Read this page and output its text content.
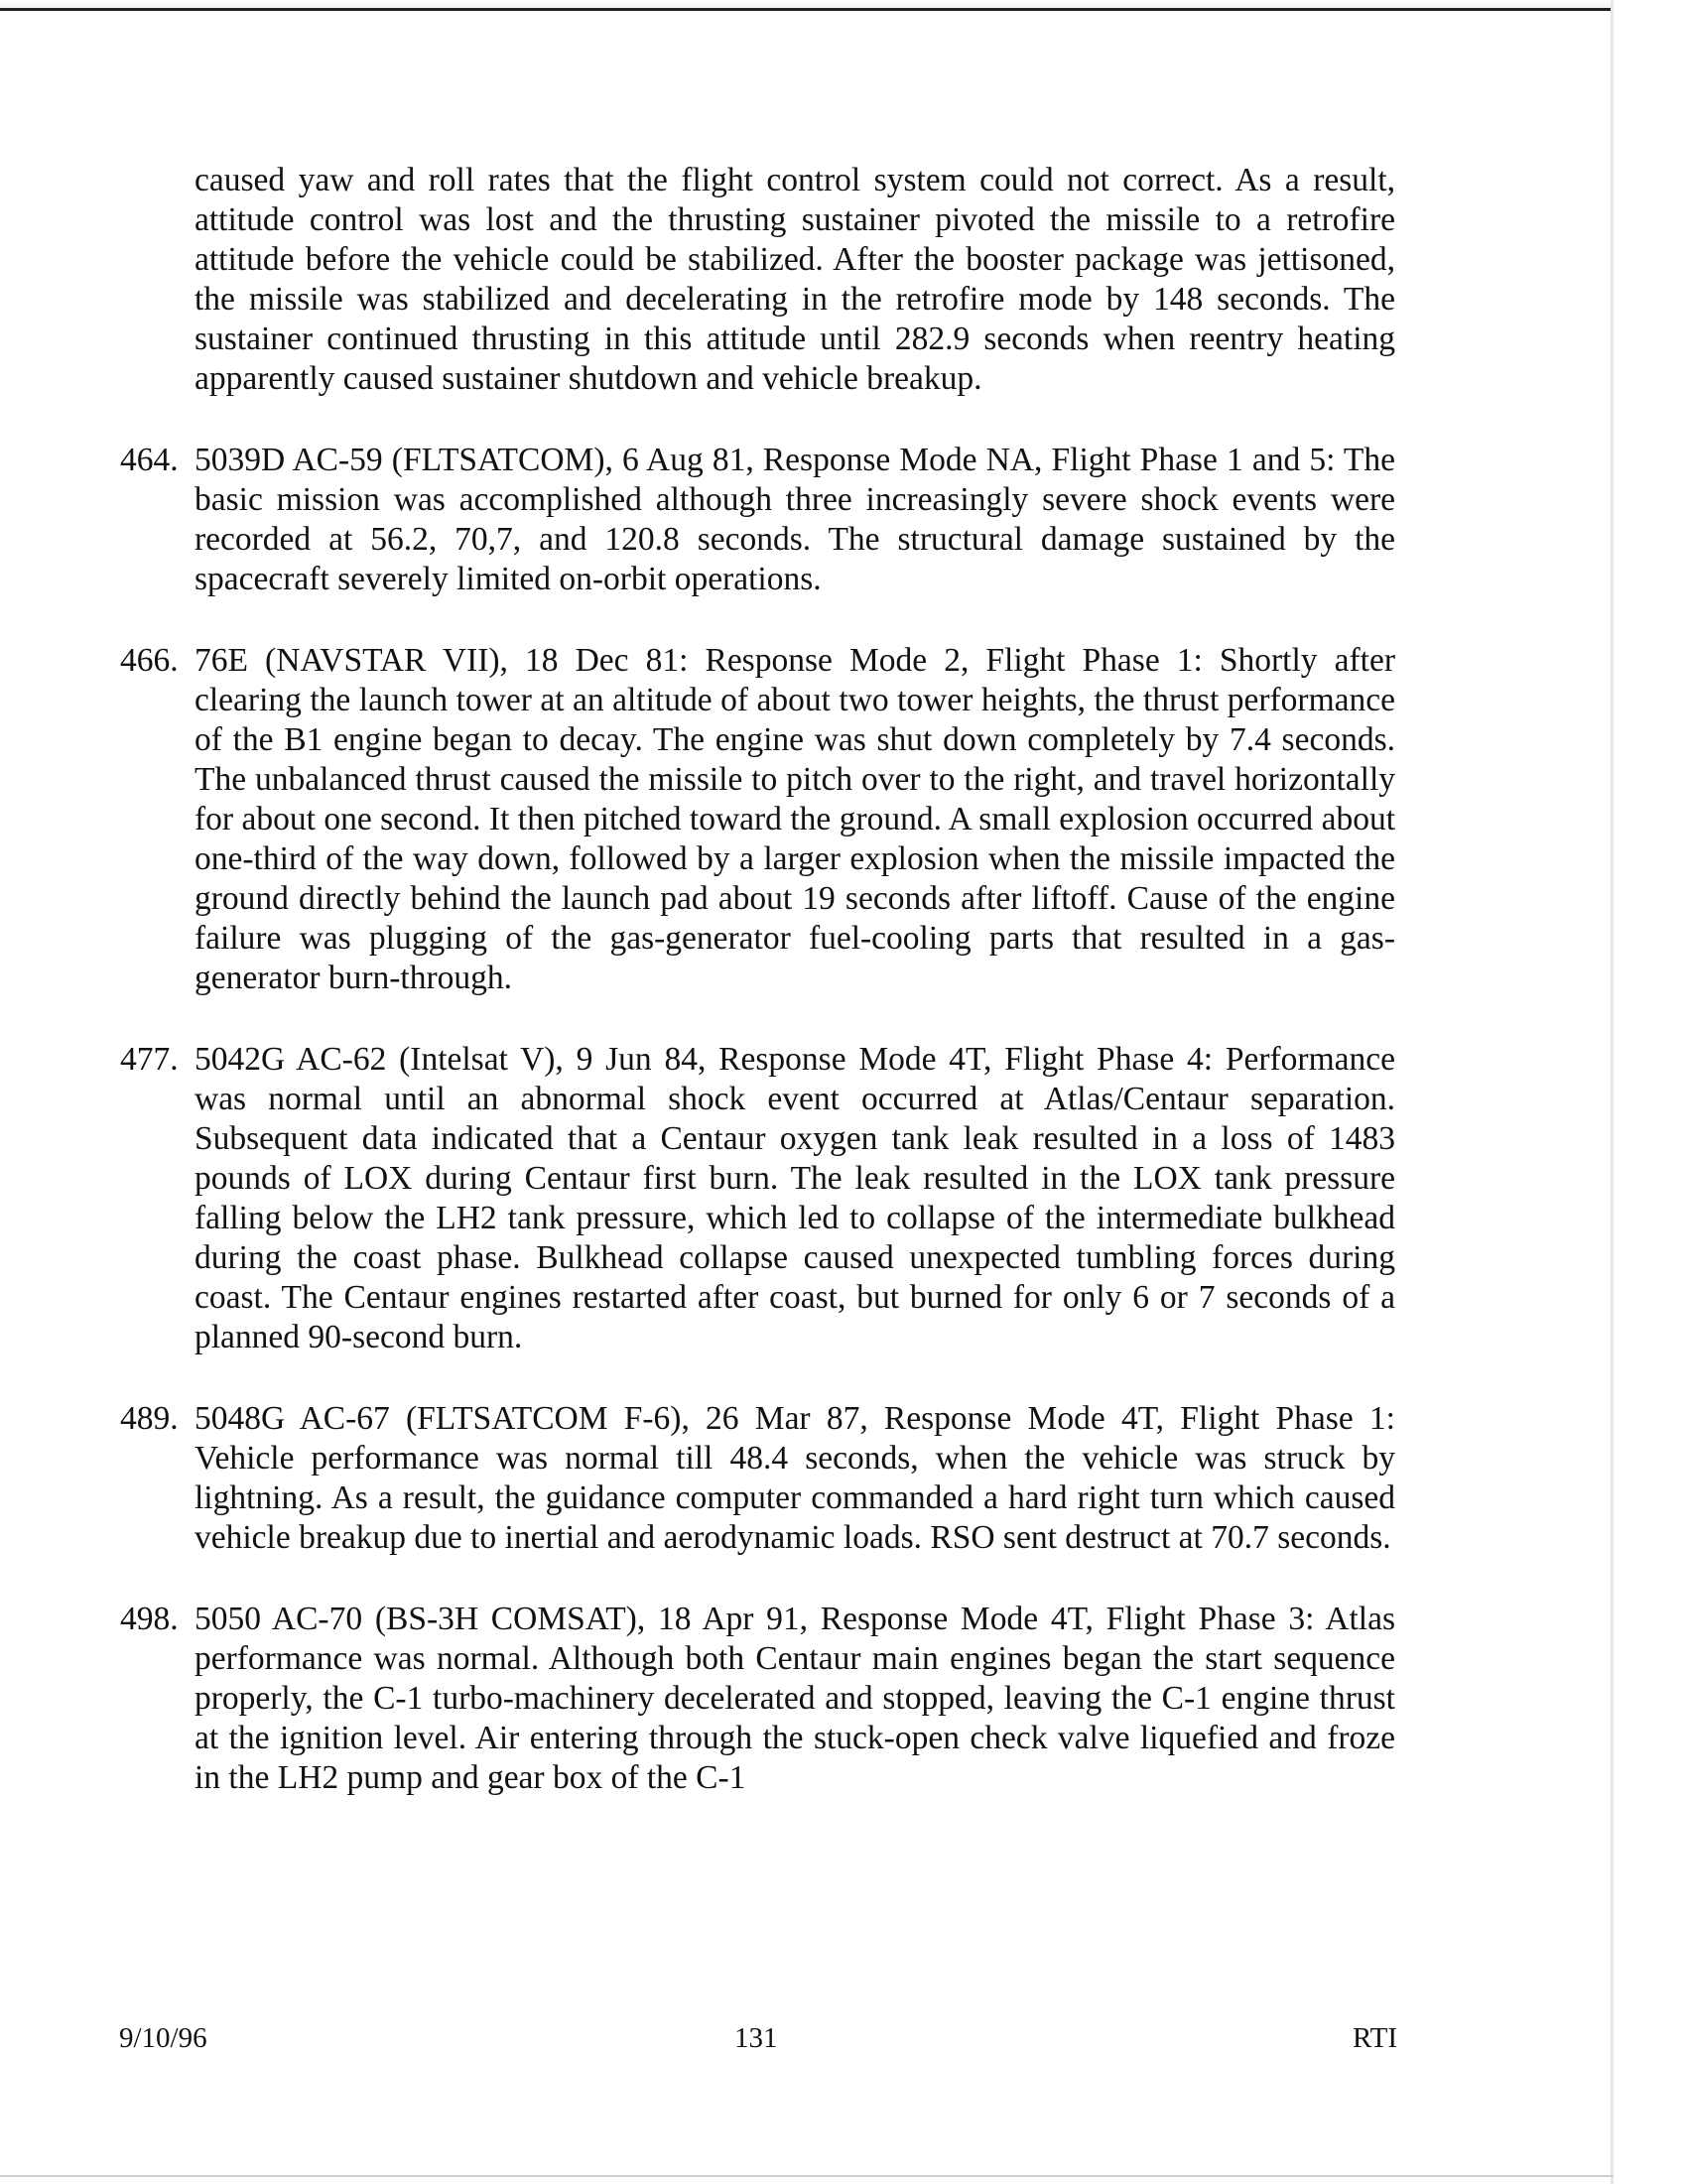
caused yaw and roll rates that the flight control system could not correct. As a result, attitude control was lost and the thrusting sustainer pivoted the missile to a retrofire attitude before the vehicle could be stabilized. After the booster package was jettisoned, the missile was stabilized and decelerating in the retrofire mode by 148 seconds. The sustainer continued thrusting in this attitude until 282.9 seconds when reentry heating apparently caused sustainer shutdown and vehicle breakup.

464. 5039D AC-59 (FLTSATCOM), 6 Aug 81, Response Mode NA, Flight Phase 1 and 5: The basic mission was accomplished although three increasingly severe shock events were recorded at 56.2, 70,7, and 120.8 seconds. The structural damage sustained by the spacecraft severely limited on-orbit operations.

466. 76E (NAVSTAR VII), 18 Dec 81: Response Mode 2, Flight Phase 1: Shortly after clearing the launch tower at an altitude of about two tower heights, the thrust performance of the B1 engine began to decay. The engine was shut down completely by 7.4 seconds. The unbalanced thrust caused the missile to pitch over to the right, and travel horizontally for about one second. It then pitched toward the ground. A small explosion occurred about one-third of the way down, followed by a larger explosion when the missile impacted the ground directly behind the launch pad about 19 seconds after liftoff. Cause of the engine failure was plugging of the gas-generator fuel-cooling parts that resulted in a gas-generator burn-through.

477. 5042G AC-62 (Intelsat V), 9 Jun 84, Response Mode 4T, Flight Phase 4: Performance was normal until an abnormal shock event occurred at Atlas/Centaur separation. Subsequent data indicated that a Centaur oxygen tank leak resulted in a loss of 1483 pounds of LOX during Centaur first burn. The leak resulted in the LOX tank pressure falling below the LH2 tank pressure, which led to collapse of the intermediate bulkhead during the coast phase. Bulkhead collapse caused unexpected tumbling forces during coast. The Centaur engines restarted after coast, but burned for only 6 or 7 seconds of a planned 90-second burn.

489. 5048G AC-67 (FLTSATCOM F-6), 26 Mar 87, Response Mode 4T, Flight Phase 1: Vehicle performance was normal till 48.4 seconds, when the vehicle was struck by lightning. As a result, the guidance computer commanded a hard right turn which caused vehicle breakup due to inertial and aerodynamic loads. RSO sent destruct at 70.7 seconds.

498. 5050 AC-70 (BS-3H COMSAT), 18 Apr 91, Response Mode 4T, Flight Phase 3: Atlas performance was normal. Although both Centaur main engines began the start sequence properly, the C-1 turbo-machinery decelerated and stopped, leaving the C-1 engine thrust at the ignition level. Air entering through the stuck-open check valve liquefied and froze in the LH2 pump and gear box of the C-1

9/10/96	131	RTI
